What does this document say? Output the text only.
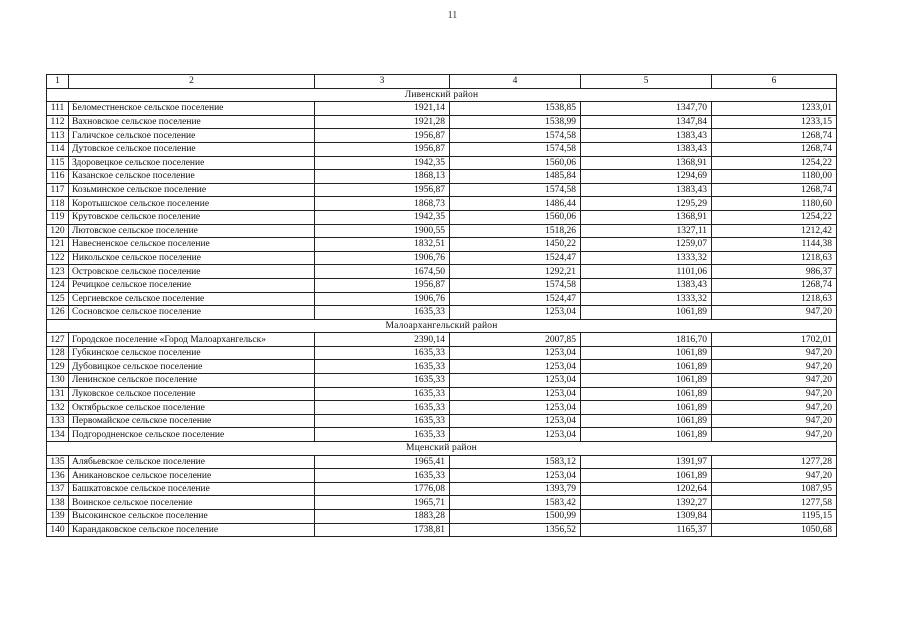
11
1	2	3	4	5	6
Ливенский район					
111	Беломестненское сельское поселение	1921,14	1538,85	1347,70	1233,01
112	Вахновское сельское поселение	1921,28	1538,99	1347,84	1233,15
113	Галичское сельское поселение	1956,87	1574,58	1383,43	1268,74
114	Дутовское сельское поселение	1956,87	1574,58	1383,43	1268,74
115	Здоровецкое сельское поселение	1942,35	1560,06	1368,91	1254,22
116	Казанское сельское поселение	1868,13	1485,84	1294,69	1180,00
117	Козьминское сельское поселение	1956,87	1574,58	1383,43	1268,74
118	Коротышское сельское поселение	1868,73	1486,44	1295,29	1180,60
119	Крутовское сельское поселение	1942,35	1560,06	1368,91	1254,22
120	Лютовское сельское поселение	1900,55	1518,26	1327,11	1212,42
121	Навесненское сельское поселение	1832,51	1450,22	1259,07	1144,38
122	Никольское сельское поселение	1906,76	1524,47	1333,32	1218,63
123	Островское сельское поселение	1674,50	1292,21	1101,06	986,37
124	Речицкое сельское поселение	1956,87	1574,58	1383,43	1268,74
125	Сергиевское сельское поселение	1906,76	1524,47	1333,32	1218,63
126	Сосновское сельское поселение	1635,33	1253,04	1061,89	947,20
Малоархангельский район					
127	Городское поселение «Город Малоархангельск»	2390,14	2007,85	1816,70	1702,01
128	Губкинское сельское поселение	1635,33	1253,04	1061,89	947,20
129	Дубовицкое сельское поселение	1635,33	1253,04	1061,89	947,20
130	Ленинское сельское поселение	1635,33	1253,04	1061,89	947,20
131	Луковское сельское поселение	1635,33	1253,04	1061,89	947,20
132	Октябрьское сельское поселение	1635,33	1253,04	1061,89	947,20
133	Первомайское сельское поселение	1635,33	1253,04	1061,89	947,20
134	Подгородненское сельское поселение	1635,33	1253,04	1061,89	947,20
Мценский район					
135	Алябьевское сельское поселение	1965,41	1583,12	1391,97	1277,28
136	Аникановское сельское поселение	1635,33	1253,04	1061,89	947,20
137	Башкатовское сельское поселение	1776,08	1393,79	1202,64	1087,95
138	Воинское сельское поселение	1965,71	1583,42	1392,27	1277,58
139	Высокинское сельское поселение	1883,28	1500,99	1309,84	1195,15
140	Карандаковское сельское поселение	1738,81	1356,52	1165,37	1050,68
